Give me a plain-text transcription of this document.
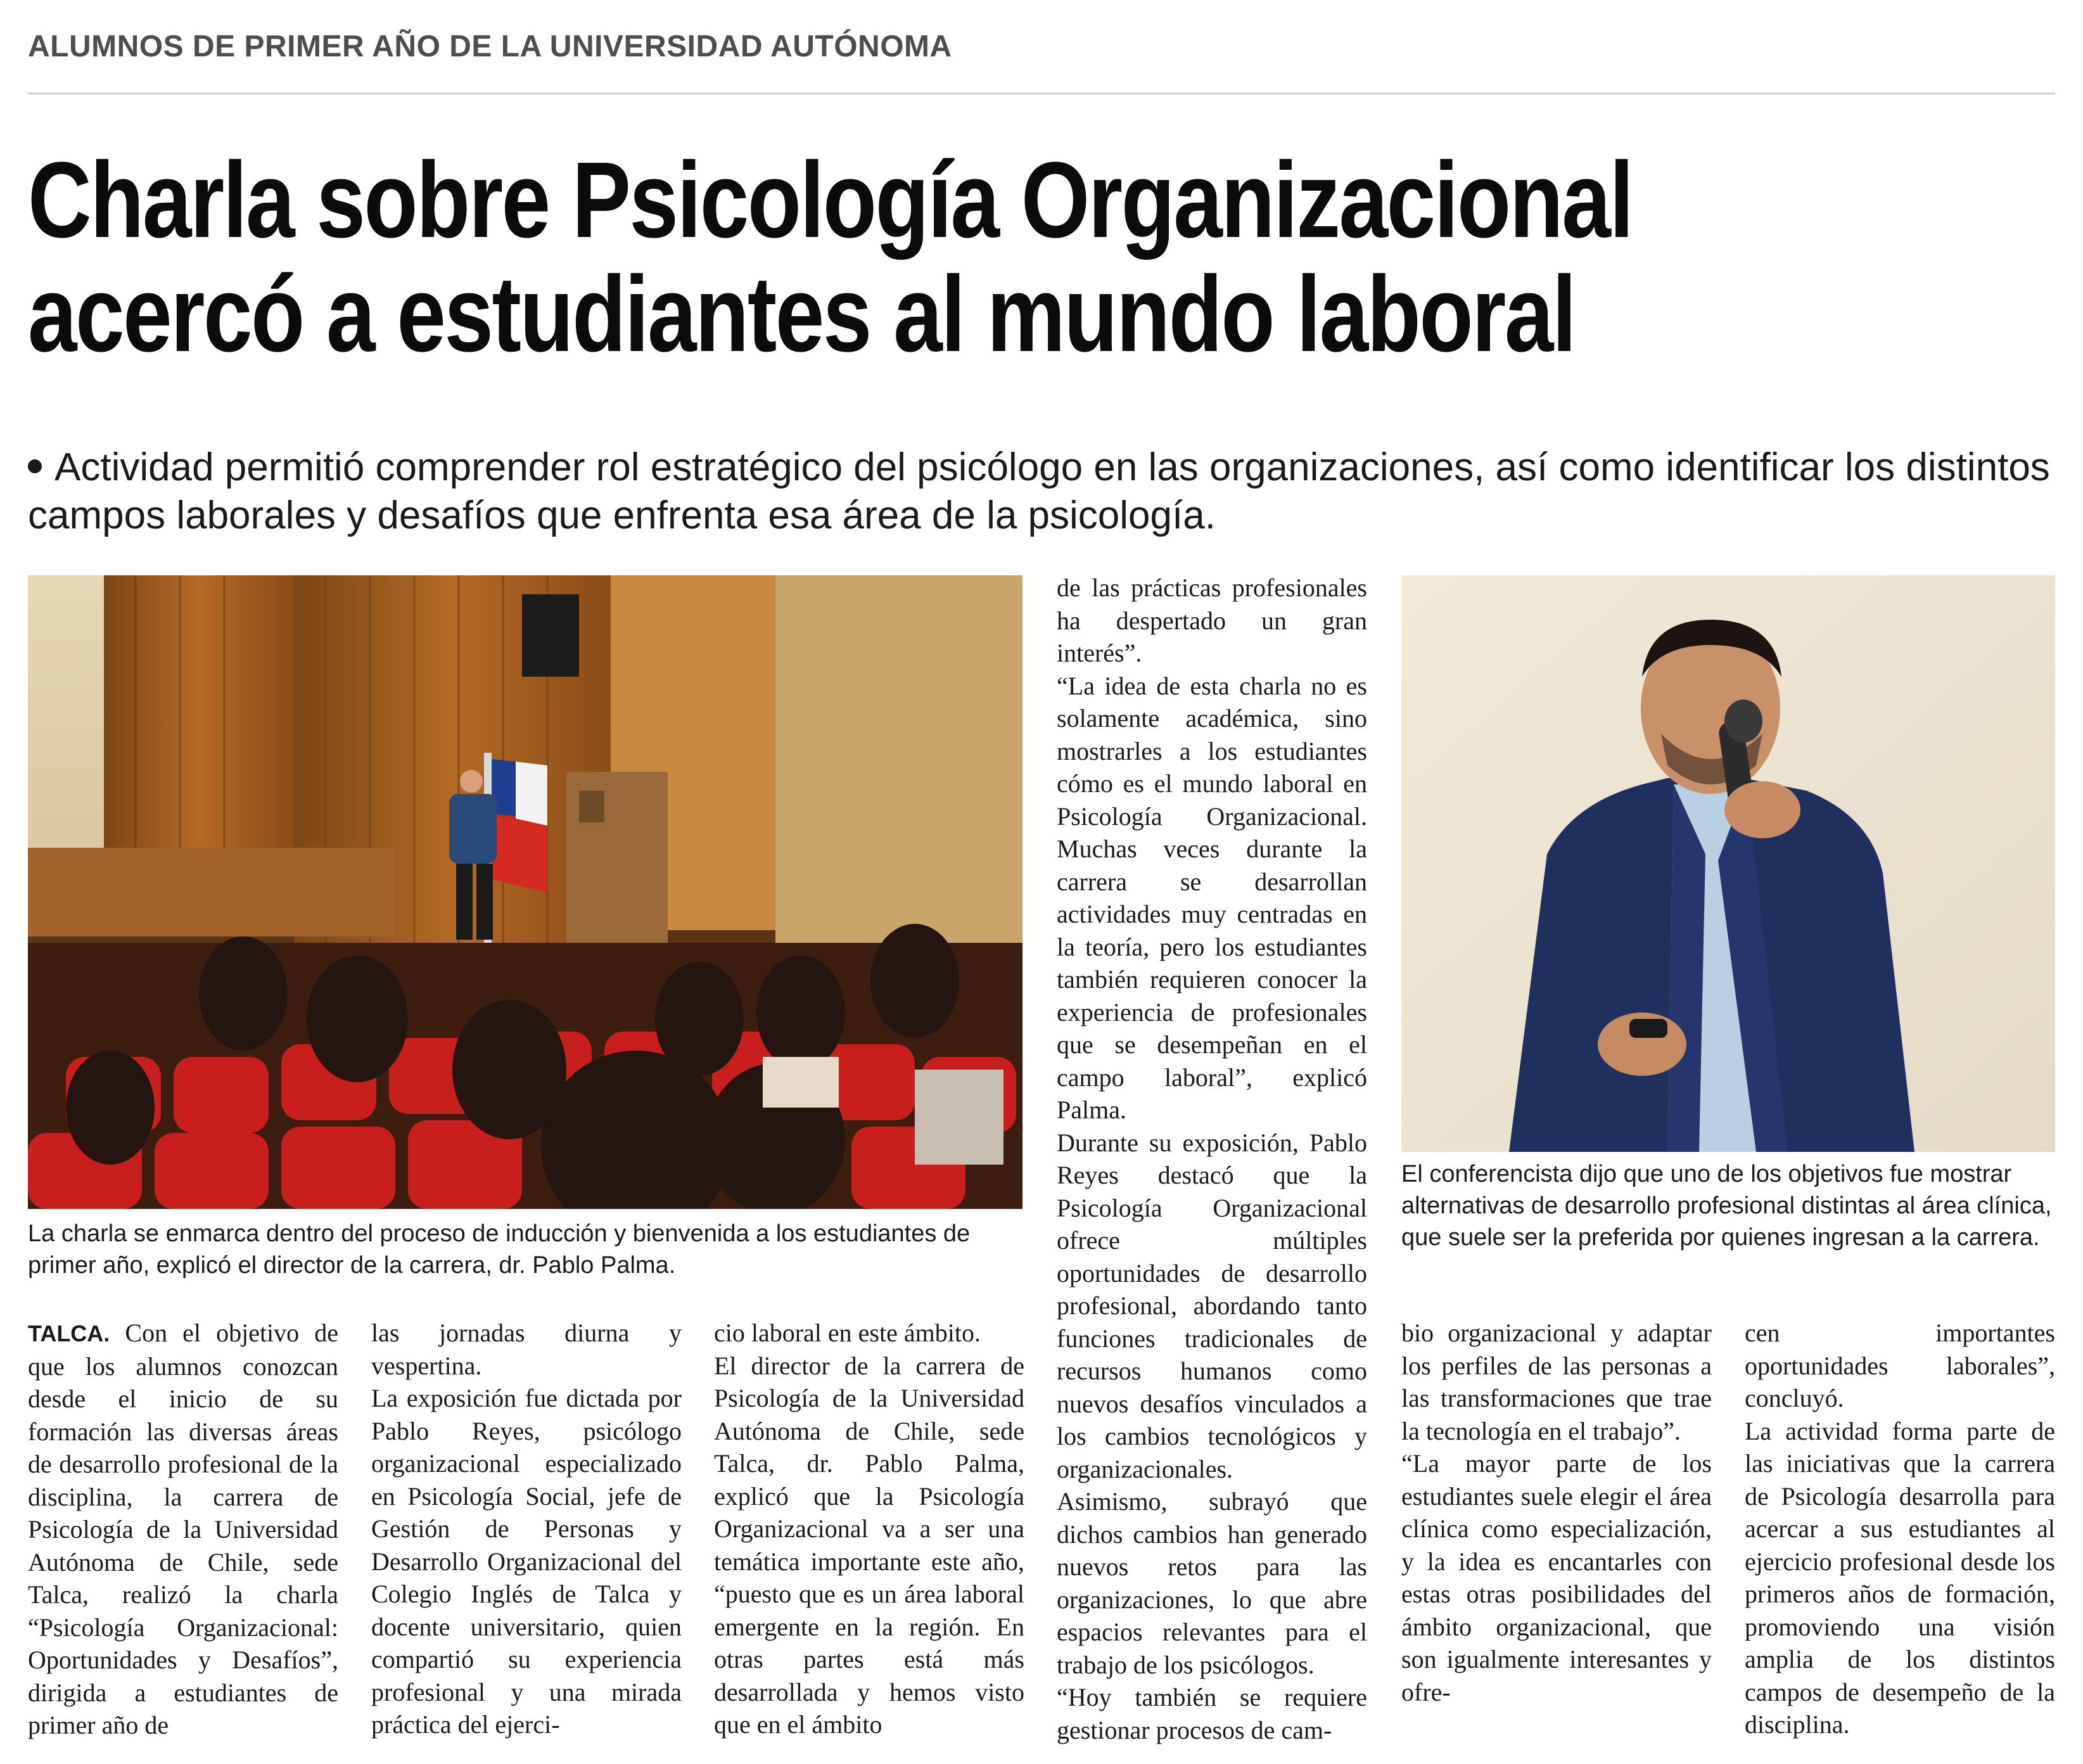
ALUMNOS DE PRIMER AÑO DE LA UNIVERSIDAD AUTÓNOMA
Charla sobre Psicología Organizacional
acercó a estudiantes al mundo laboral
Actividad permitió comprender rol estratégico del psicólogo en las organizaciones, así como identificar los distintos campos laborales y desafíos que enfrenta esa área de la psicología.
La charla se enmarca dentro del proceso de inducción y bienvenida a los estudiantes de primer año, explicó el director de la carrera, dr. Pablo Palma.
El conferencista dijo que uno de los objetivos fue mostrar alternativas de desarrollo profesional distintas al área clínica, que suele ser la preferida por quienes ingresan a la carrera.

de las prácticas profesionales ha despertado un gran interés”.

“La idea de esta charla no es solamente académica, sino mostrarles a los estudiantes cómo es el mundo laboral en Psicología Organizacional. Muchas veces durante la carrera se desarrollan actividades muy centradas en la teoría, pero los estudiantes también requieren conocer la experiencia de profesionales que se desempeñan en el campo laboral”, explicó Palma.

Durante su exposición, Pablo Reyes destacó que la Psicología Organizacional ofrece múltiples oportunidades de desarrollo profesional, abordando tanto funciones tradicionales de recursos humanos como nuevos desafíos vinculados a los cambios tecnológicos y organizacionales.

Asimismo, subrayó que dichos cambios han generado nuevos retos para las organizaciones, lo que abre espacios relevantes para el trabajo de los psicólogos.

“Hoy también se requiere gestionar procesos de cam-

TALCA. Con el objetivo de que los alumnos conozcan desde el inicio de su formación las diversas áreas de desarrollo profesional de la disciplina, la carrera de Psicología de la Universidad Autónoma de Chile, sede Talca, realizó la charla “Psicología Organizacional: Oportunidades y Desafíos”, dirigida a estudiantes de primer año de

las jornadas diurna y vespertina.

La exposición fue dictada por Pablo Reyes, psicólogo organizacional especializado en Psicología Social, jefe de Gestión de Personas y Desarrollo Organizacional del Colegio Inglés de Talca y docente universitario, quien compartió su experiencia profesional y una mirada práctica del ejerci-

cio laboral en este ámbito.

El director de la carrera de Psicología de la Universidad Autónoma de Chile, sede Talca, dr. Pablo Palma, explicó que la Psicología Organizacional va a ser una temática importante este año, “puesto que es un área laboral emergente en la región. En otras partes está más desarrollada y hemos visto que en el ámbito

bio organizacional y adaptar los perfiles de las personas a las transformaciones que trae la tecnología en el trabajo”.

“La mayor parte de los estudiantes suele elegir el área clínica como especialización, y la idea es encantarles con estas otras posibilidades del ámbito organizacional, que son igualmente interesantes y ofre-

cen importantes oportunidades laborales”, concluyó.

La actividad forma parte de las iniciativas que la carrera de Psicología desarrolla para acercar a sus estudiantes al ejercicio profesional desde los primeros años de formación, promoviendo una visión amplia de los distintos campos de desempeño de la disciplina.
